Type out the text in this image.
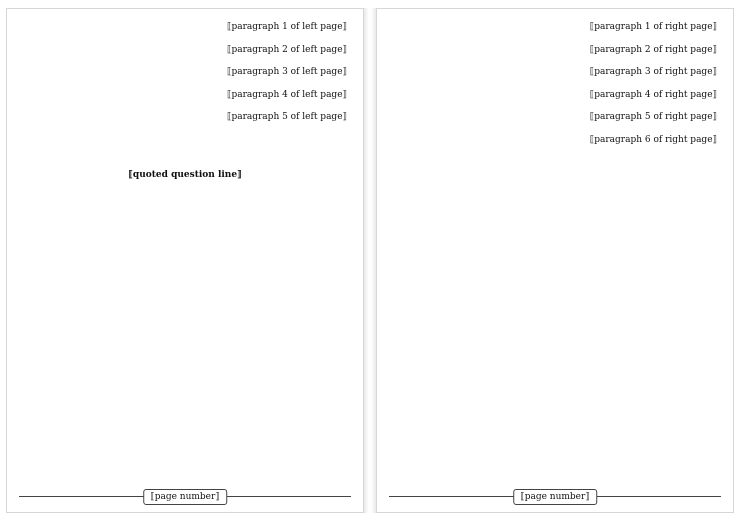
⟦paragraph 1 of left page⟧

⟦paragraph 2 of left page⟧

⟦paragraph 3 of left page⟧

⟦paragraph 4 of left page⟧

⟦paragraph 5 of left page⟧

⟦quoted question line⟧

⟦page number⟧

⟦paragraph 1 of right page⟧

⟦paragraph 2 of right page⟧

⟦paragraph 3 of right page⟧

⟦paragraph 4 of right page⟧

⟦paragraph 5 of right page⟧

⟦paragraph 6 of right page⟧

⟦page number⟧
